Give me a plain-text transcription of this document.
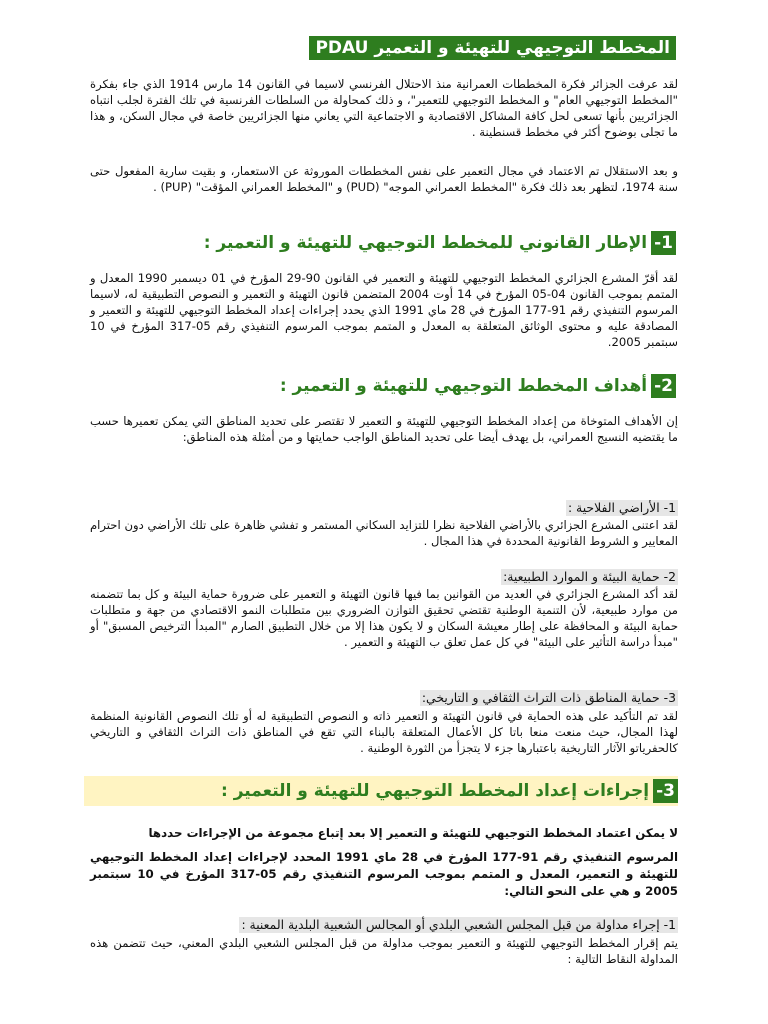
المخطط التوجيهي للتهيئة و التعمير PDAU

لقد عرفت الجزائر فكرة المخططات العمرانية منذ الاحتلال الفرنسي لاسيما في القانون 14 مارس 1914 الذي جاء بفكرة "المخطط التوجيهي العام" و المخطط التوجيهي للتعمير"، و ذلك كمحاولة من السلطات الفرنسية في تلك الفترة لجلب انتباه الجزائريين بأنها تسعى لحل كافة المشاكل الاقتصادية و الاجتماعية التي يعاني منها الجزائريين خاصة في مجال السكن، و هذا ما تجلى بوضوح أكثر في مخطط قسنطينة .

و بعد الاستقلال تم الاعتماد في مجال التعمير على نفس المخططات الموروثة عن الاستعمار، و بقيت سارية المفعول حتى سنة 1974، لتظهر بعد ذلك فكرة "المخطط العمراني الموجه" (PUD) و "المخطط العمراني المؤقت" (PUP) .

1-
الإطار القانوني للمخطط التوجيهي للتهيئة و التعمير :

لقد أقرّ المشرع الجزائري المخطط التوجيهي للتهيئة و التعمير في القانون 90-29 المؤرخ في 01 ديسمبر 1990 المعدل و المتمم بموجب القانون 04-05 المؤرخ في 14 أوت 2004 المتضمن قانون التهيئة و التعمير و النصوص التطبيقية له، لاسيما المرسوم التنفيذي رقم 91-177 المؤرخ في 28 ماي 1991 الذي يحدد إجراءات إعداد المخطط التوجيهي للتهيئة و التعمير و المصادقة عليه و محتوى الوثائق المتعلقة به المعدل و المتمم بموجب المرسوم التنفيذي رقم 05-317 المؤرخ في 10 سبتمبر 2005.

2-
أهداف المخطط التوجيهي للتهيئة و التعمير :

إن الأهداف المتوخاة من إعداد المخطط التوجيهي للتهيئة و التعمير لا تقتصر على تحديد المناطق التي يمكن تعميرها حسب ما يقتضيه النسيج العمراني، بل يهدف أيضا على تحديد المناطق الواجب حمايتها و من أمثلة هذه المناطق:

1- الأراضي الفلاحية :

لقد اعتنى المشرع الجزائري بالأراضي الفلاحية نظرا للتزايد السكاني المستمر و تفشي ظاهرة على تلك الأراضي دون احترام المعايير و الشروط القانونية المحددة في هذا المجال .

2- حماية البيئة و الموارد الطبيعية:

لقد أكد المشرع الجزائري في العديد من القوانين بما فيها قانون التهيئة و التعمير على ضرورة حماية البيئة و كل بما تتضمنه من موارد طبيعية، لأن التنمية الوطنية تقتضي تحقيق التوازن الضروري بين متطلبات النمو الاقتصادي من جهة و متطلبات حماية البيئة و المحافظة على إطار معيشة السكان و لا يكون هذا إلا من خلال التطبيق الصارم "المبدأ الترخيص المسبق" أو "مبدأ دراسة التأثير على البيئة" في كل عمل تعلق ب التهيئة و التعمير .

3- حماية المناطق ذات التراث الثقافي و التاريخي:

لقد تم التأكيد على هذه الحماية في قانون التهيئة و التعمير ذاته و النصوص التطبيقية له أو تلك النصوص القانونية المنظمة لهذا المجال، حيث منعت منعا باتا كل الأعمال المتعلقة بالبناء التي تقع في المناطق ذات التراث الثقافي و التاريخي كالحفرياتو الآثار التاريخية باعتبارها جزء لا يتجزأ من الثورة الوطنية .

3-
إجراءات إعداد المخطط التوجيهي للتهيئة و التعمير :

لا يمكن اعتماد المخطط التوجيهي للتهيئة و التعمير إلا بعد إتباع مجموعة من الإجراءات حددها

المرسوم التنفيذي رقم 91-177 المؤرخ في 28 ماي 1991 المحدد لإجراءات إعداد المخطط التوجيهي للتهيئة و التعمير، المعدل و المتمم بموجب المرسوم التنفيذي رقم 05-317 المؤرخ في 10 سبتمبر 2005 و هي على النحو التالي:

1- إجراء مداولة من قبل المجلس الشعبي البلدي أو المجالس الشعبية البلدية المعنية :

يتم إقرار المخطط التوجيهي للتهيئة و التعمير بموجب مداولة من قبل المجلس الشعبي البلدي المعني، حيث تتضمن هذه المداولة النقاط التالية :
